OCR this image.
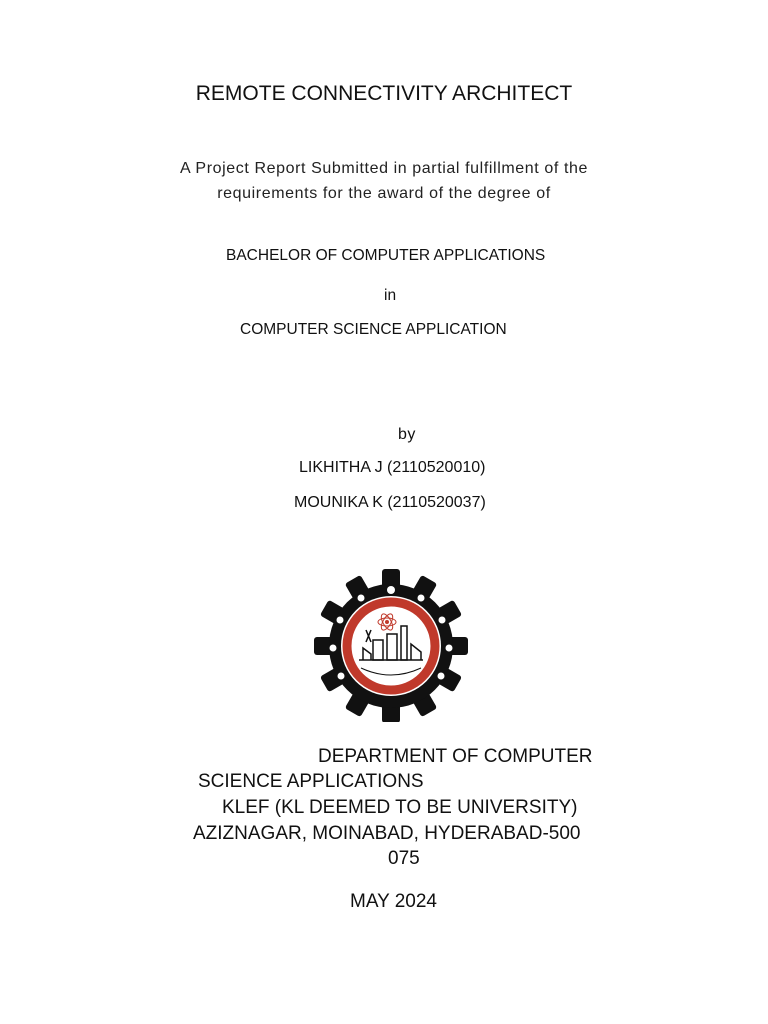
REMOTE CONNECTIVITY ARCHITECT
A Project Report Submitted in partial fulfillment of the
requirements for the award of the degree of
BACHELOR OF COMPUTER APPLICATIONS
in
COMPUTER SCIENCE APPLICATION
by
LIKHITHA J (2110520010)
MOUNIKA K (2110520037)
DEPARTMENT OF COMPUTER
SCIENCE APPLICATIONS
KLEF (KL DEEMED TO BE UNIVERSITY)
AZIZNAGAR, MOINABAD, HYDERABAD-500
075
MAY 2024
